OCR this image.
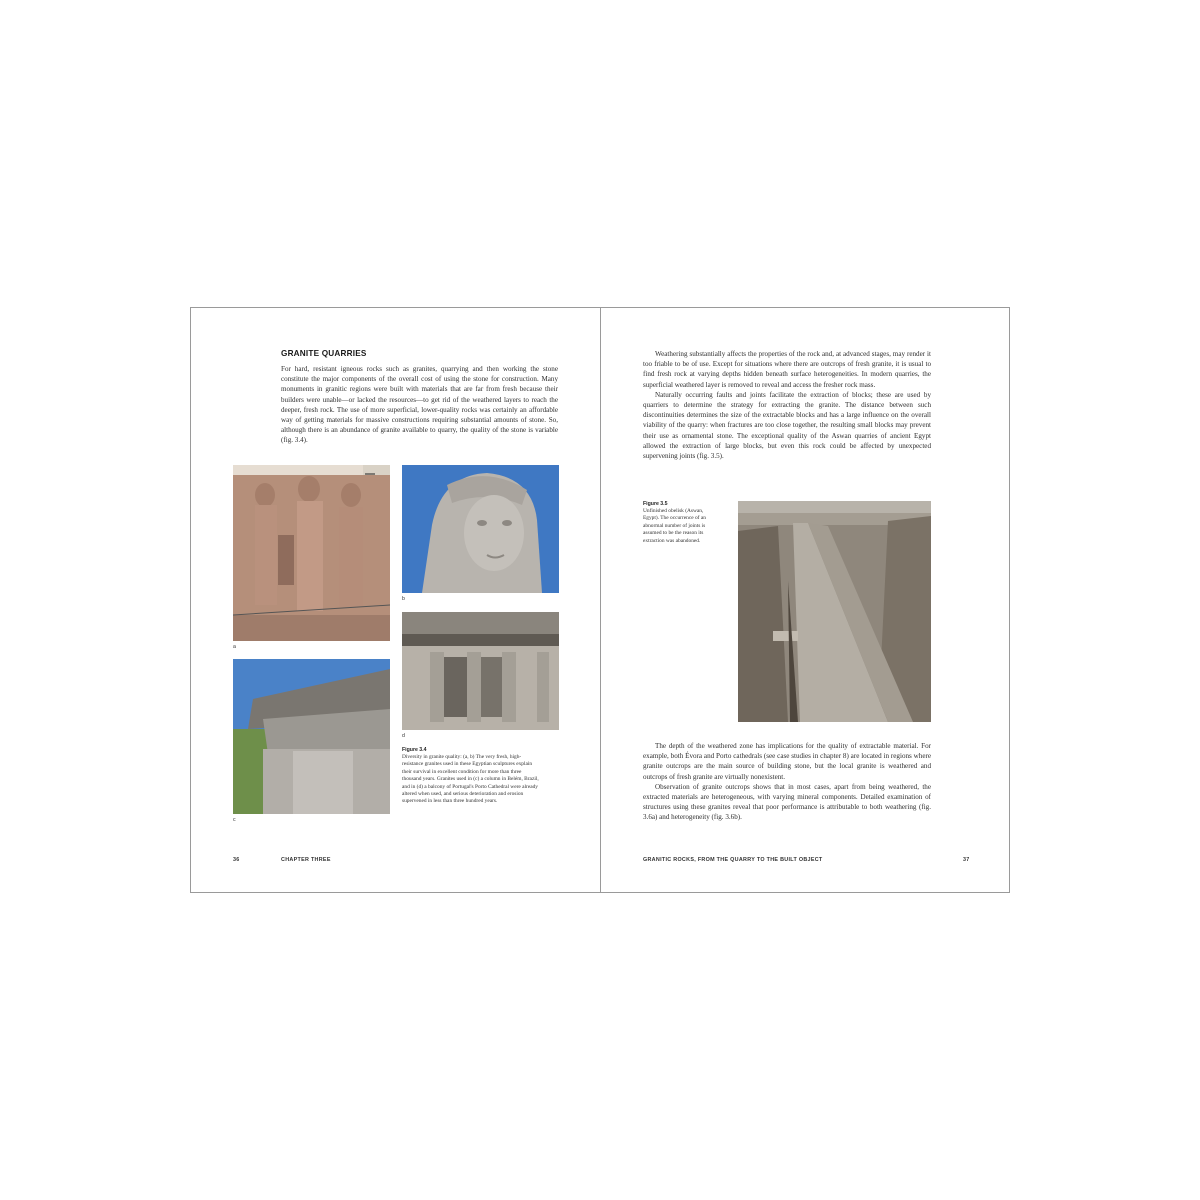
GRANITE QUARRIES

For hard, resistant igneous rocks such as granites, quarrying and then working the stone constitute the major components of the overall cost of using the stone for construction. Many monuments in granitic regions were built with materials that are far from fresh because their builders were unable—or lacked the resources—to get rid of the weathered layers to reach the deeper, fresh rock. The use of more superficial, lower-quality rocks was certainly an affordable way of getting materials for massive constructions requiring substantial amounts of stone. So, although there is an abundance of granite available to quarry, the quality of the stone is variable (fig. 3.4).

a
b
c
d
Figure 3.4
Diversity in granite quality: (a, b) The very fresh, high-resistance granites used in these Egyptian sculptures explain their survival in excellent condition for more than three thousand years. Granites used in (c) a column in Belém, Brazil, and in (d) a balcony of Portugal's Porto Cathedral were already altered when used, and serious deterioration and erosion supervened in less than three hundred years.
36	CHAPTER THREE

Weathering substantially affects the properties of the rock and, at advanced stages, may render it too friable to be of use. Except for situations where there are outcrops of fresh granite, it is usual to find fresh rock at varying depths hidden beneath surface heterogeneities. In modern quarries, the superficial weathered layer is removed to reveal and access the fresher rock mass.

Naturally occurring faults and joints facilitate the extraction of blocks; these are used by quarriers to determine the strategy for extracting the granite. The distance between such discontinuities determines the size of the extractable blocks and has a large influence on the overall viability of the quarry: when fractures are too close together, the resulting small blocks may prevent their use as ornamental stone. The exceptional quality of the Aswan quarries of ancient Egypt allowed the extraction of large blocks, but even this rock could be affected by unexpected supervening joints (fig. 3.5).

Figure 3.5
Unfinished obelisk (Aswan, Egypt). The occurrence of an abnormal number of joints is assumed to be the reason its extraction was abandoned.

The depth of the weathered zone has implications for the quality of extractable material. For example, both Évora and Porto cathedrals (see case studies in chapter 8) are located in regions where granite outcrops are the main source of building stone, but the local granite is weathered and outcrops of fresh granite are virtually nonexistent.

Observation of granite outcrops shows that in most cases, apart from being weathered, the extracted materials are heterogeneous, with varying mineral components. Detailed examination of structures using these granites reveal that poor performance is attributable to both weathering (fig. 3.6a) and heterogeneity (fig. 3.6b).

GRANITIC ROCKS, FROM THE QUARRY TO THE BUILT OBJECT	37
